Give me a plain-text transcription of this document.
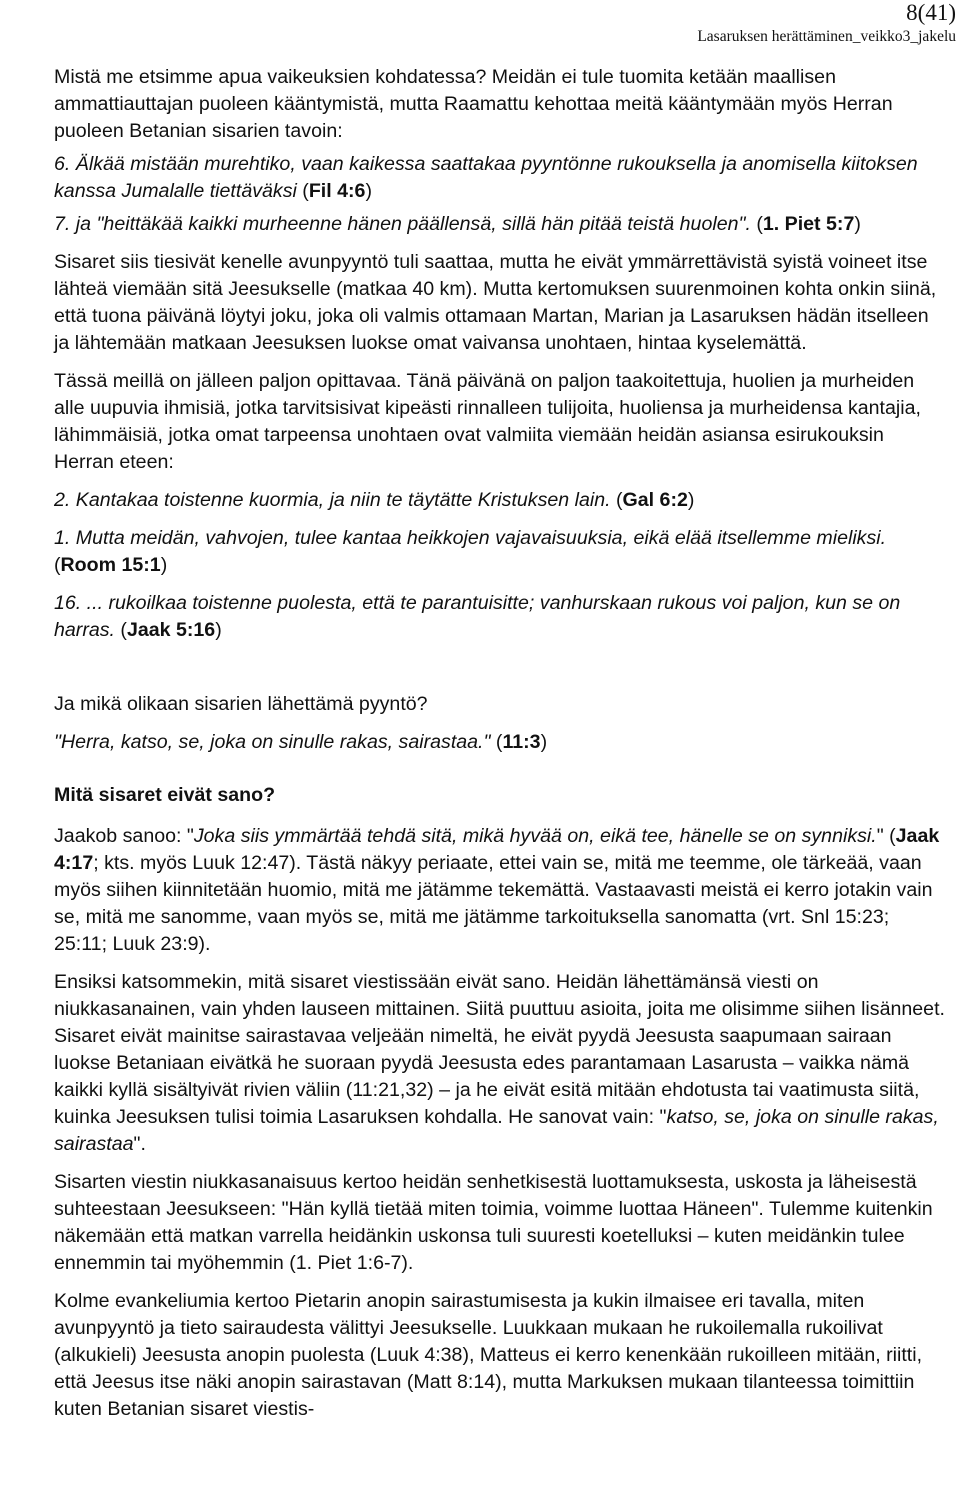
8(41)
Lasaruksen herättäminen_veikko3_jakelu

Mistä me etsimme apua vaikeuksien kohdatessa? Meidän ei tule tuomita ketään maallisen ammattiauttajan puoleen kääntymistä, mutta Raamattu kehottaa meitä kääntymään myös Herran puoleen Betanian sisarien tavoin:

6. Älkää mistään murehtiko, vaan kaikessa saattakaa pyyntönne rukouksella ja anomisella kiitoksen kanssa Jumalalle tiettäväksi (Fil 4:6)

7. ja "heittäkää kaikki murheenne hänen päällensä, sillä hän pitää teistä huolen". (1. Piet 5:7)

Sisaret siis tiesivät kenelle avunpyyntö tuli saattaa, mutta he eivät ymmärrettävistä syistä voineet itse lähteä viemään sitä Jeesukselle (matkaa 40 km). Mutta kertomuksen suurenmoinen kohta onkin siinä, että tuona päivänä löytyi joku, joka oli valmis ottamaan Martan, Marian ja Lasaruksen hädän itselleen ja lähtemään matkaan Jeesuksen luokse omat vaivansa unohtaen, hintaa kyselemättä.

Tässä meillä on jälleen paljon opittavaa. Tänä päivänä on paljon taakoitettuja, huolien ja murheiden alle uupuvia ihmisiä, jotka tarvitsisivat kipeästi rinnalleen tulijoita, huoliensa ja murheidensa kantajia, lähimmäisiä, jotka omat tarpeensa unohtaen ovat valmiita viemään heidän asiansa esirukouksin Herran eteen:

2. Kantakaa toistenne kuormia, ja niin te täytätte Kristuksen lain. (Gal 6:2)

1. Mutta meidän, vahvojen, tulee kantaa heikkojen vajavaisuuksia, eikä elää itsellemme mieliksi. (Room 15:1)

16. ... rukoilkaa toistenne puolesta, että te parantuisitte; vanhurskaan rukous voi paljon, kun se on harras. (Jaak 5:16)

Ja mikä olikaan sisarien lähettämä pyyntö?

"Herra, katso, se, joka on sinulle rakas, sairastaa." (11:3)

Mitä sisaret eivät sano?

Jaakob sanoo: "Joka siis ymmärtää tehdä sitä, mikä hyvää on, eikä tee, hänelle se on synniksi." (Jaak 4:17; kts. myös Luuk 12:47). Tästä näkyy periaate, ettei vain se, mitä me teemme, ole tärkeää, vaan myös siihen kiinnitetään huomio, mitä me jätämme tekemättä. Vastaavasti meistä ei kerro jotakin vain se, mitä me sanomme, vaan myös se, mitä me jätämme tarkoituksella sanomatta (vrt. Snl 15:23; 25:11; Luuk 23:9).

Ensiksi katsommekin, mitä sisaret viestissään eivät sano. Heidän lähettämänsä viesti on niukkasanainen, vain yhden lauseen mittainen. Siitä puuttuu asioita, joita me olisimme siihen lisänneet. Sisaret eivät mainitse sairastavaa veljeään nimeltä, he eivät pyydä Jeesusta saapumaan sairaan luokse Betaniaan eivätkä he suoraan pyydä Jeesusta edes parantamaan Lasarusta – vaikka nämä kaikki kyllä sisältyivät rivien väliin (11:21,32) – ja he eivät esitä mitään ehdotusta tai vaatimusta siitä, kuinka Jeesuksen tulisi toimia Lasaruksen kohdalla. He sanovat vain: "katso, se, joka on sinulle rakas, sairastaa".

Sisarten viestin niukkasanaisuus kertoo heidän senhetkisestä luottamuksesta, uskosta ja läheisestä suhteestaan Jeesukseen: "Hän kyllä tietää miten toimia, voimme luottaa Häneen". Tulemme kuitenkin näkemään että matkan varrella heidänkin uskonsa tuli suuresti koetelluksi – kuten meidänkin tulee ennemmin tai myöhemmin (1. Piet 1:6-7).

Kolme evankeliumia kertoo Pietarin anopin sairastumisesta ja kukin ilmaisee eri tavalla, miten avunpyyntö ja tieto sairaudesta välittyi Jeesukselle. Luukkaan mukaan he rukoilemalla rukoilivat (alkukieli) Jeesusta anopin puolesta (Luuk 4:38), Matteus ei kerro kenenkään rukoilleen mitään, riitti, että Jeesus itse näki anopin sairastavan (Matt 8:14), mutta Markuksen mukaan tilanteessa toimittiin kuten Betanian sisaret viestis-
